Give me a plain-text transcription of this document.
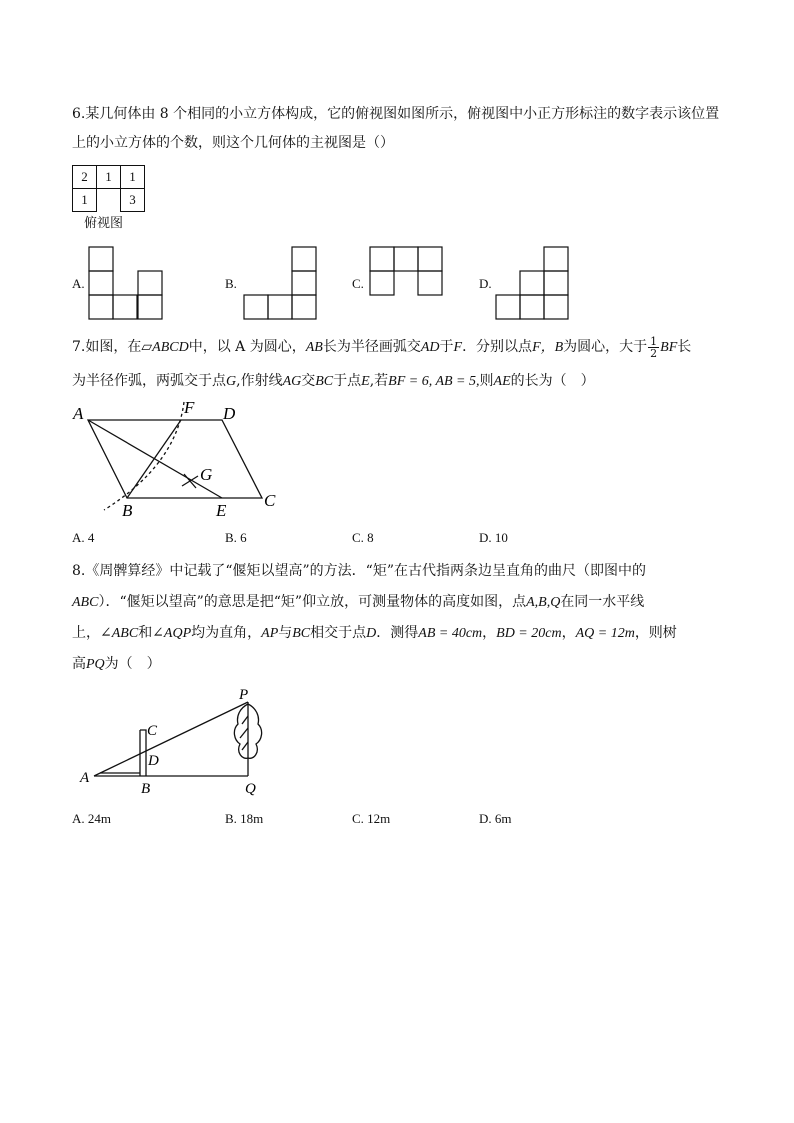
6.某几何体由 8 个相同的小立方体构成，它的俯视图如图所示，俯视图中小正方形标注的数字表示该位置
上的小立方体的个数，则这个几何体的主视图是（）
2	1	1
1		3
俯视图
A.	B.	C.	D.
7.如图，在▱ABCD中，以 A 为圆心，AB长为半径画弧交AD于F．分别以点F，B为圆心，大于 $\frac{1}{2}$ BF长
为半径作弧，两弧交于点G,作射线AG交BC于点E,若BF = 6, AB = 5,则AE的长为（　）
A	F D
G
C
B	E
A. 4	B. 6	C. 8	D. 10
8.《周髀算经》中记载了“偃矩以望高”的方法．“矩”在古代指两条边呈直角的曲尺（即图中的
ABC）．“偃矩以望高”的意思是把“矩”仰立放，可测量物体的高度如图，点A,B,Q在同一水平线
上，∠ABC和∠AQP均为直角，AP与BC相交于点D．测得AB = 40cm，BD = 20cm，AQ = 12m，则树
高PQ为（　）
P
C
D
A
B	Q
A. 24m	B. 18m	C. 12m	D. 6m
